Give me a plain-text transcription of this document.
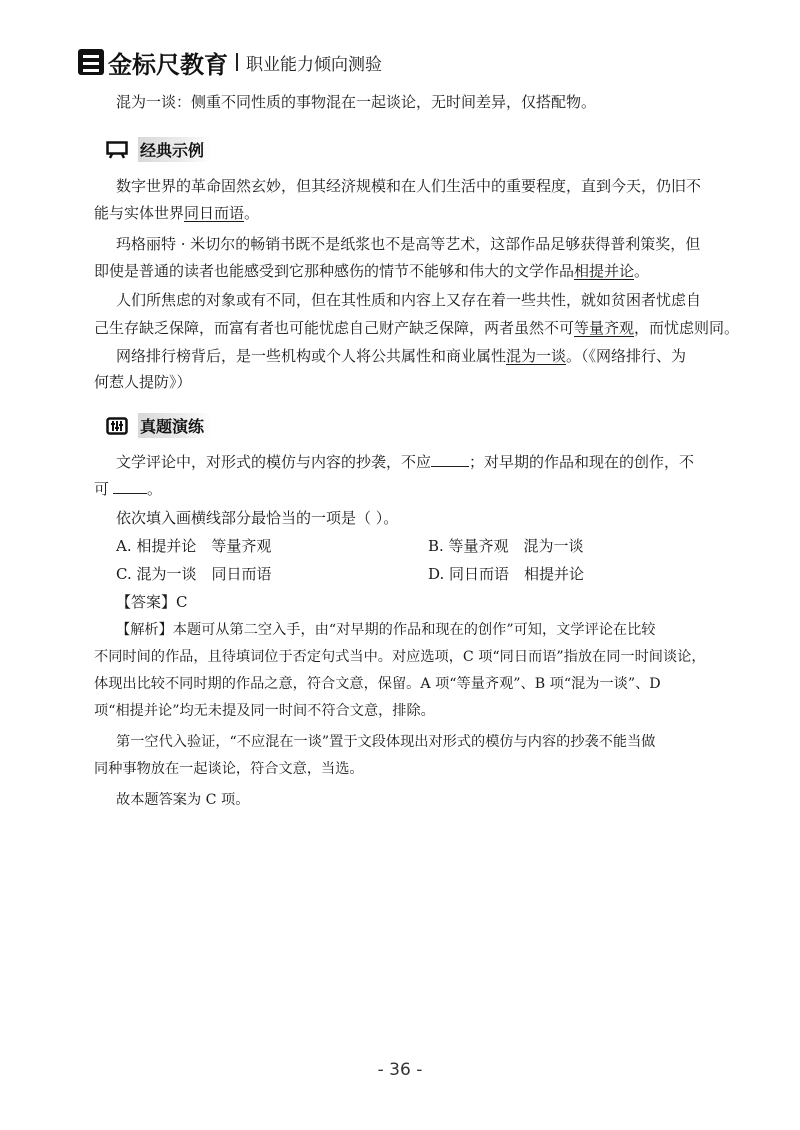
金标尺教育 职业能力倾向测验
混为一谈：侧重不同性质的事物混在一起谈论，无时间差异，仅搭配物。
经典示例
数字世界的革命固然玄妙，但其经济规模和在人们生活中的重要程度，直到今天，仍旧不
能与实体世界同日而语。
玛格丽特 · 米切尔的畅销书既不是纸浆也不是高等艺术，这部作品足够获得普利策奖，但
即使是普通的读者也能感受到它那种感伤的情节不能够和伟大的文学作品相提并论。
人们所焦虑的对象或有不同，但在其性质和内容上又存在着一些共性，就如贫困者忧虑自
己生存缺乏保障，而富有者也可能忧虑自己财产缺乏保障，两者虽然不可等量齐观，而忧虑则同。
网络排行榜背后，是一些机构或个人将公共属性和商业属性混为一谈。（《网络排行、为
何惹人提防》）
真题演练
文学评论中，对形式的模仿与内容的抄袭，不应	；对早期的作品和现在的创作，不
可	。
依次填入画横线部分最恰当的一项是（ ）。
A. 相提并论　等量齐观	B. 等量齐观　混为一谈
C. 混为一谈　同日而语	D. 同日而语　相提并论
【答案】C
【解析】本题可从第二空入手，由“对早期的作品和现在的创作”可知，文学评论在比较
不同时间的作品，且待填词位于否定句式当中。对应选项，C 项“同日而语”指放在同一时间谈论，
体现出比较不同时期的作品之意，符合文意，保留。A 项“等量齐观”、B 项“混为一谈”、D
项“相提并论”均无未提及同一时间不符合文意，排除。
第一空代入验证，“不应混在一谈”置于文段体现出对形式的模仿与内容的抄袭不能当做
同种事物放在一起谈论，符合文意，当选。
故本题答案为 C 项。
- 36 -
